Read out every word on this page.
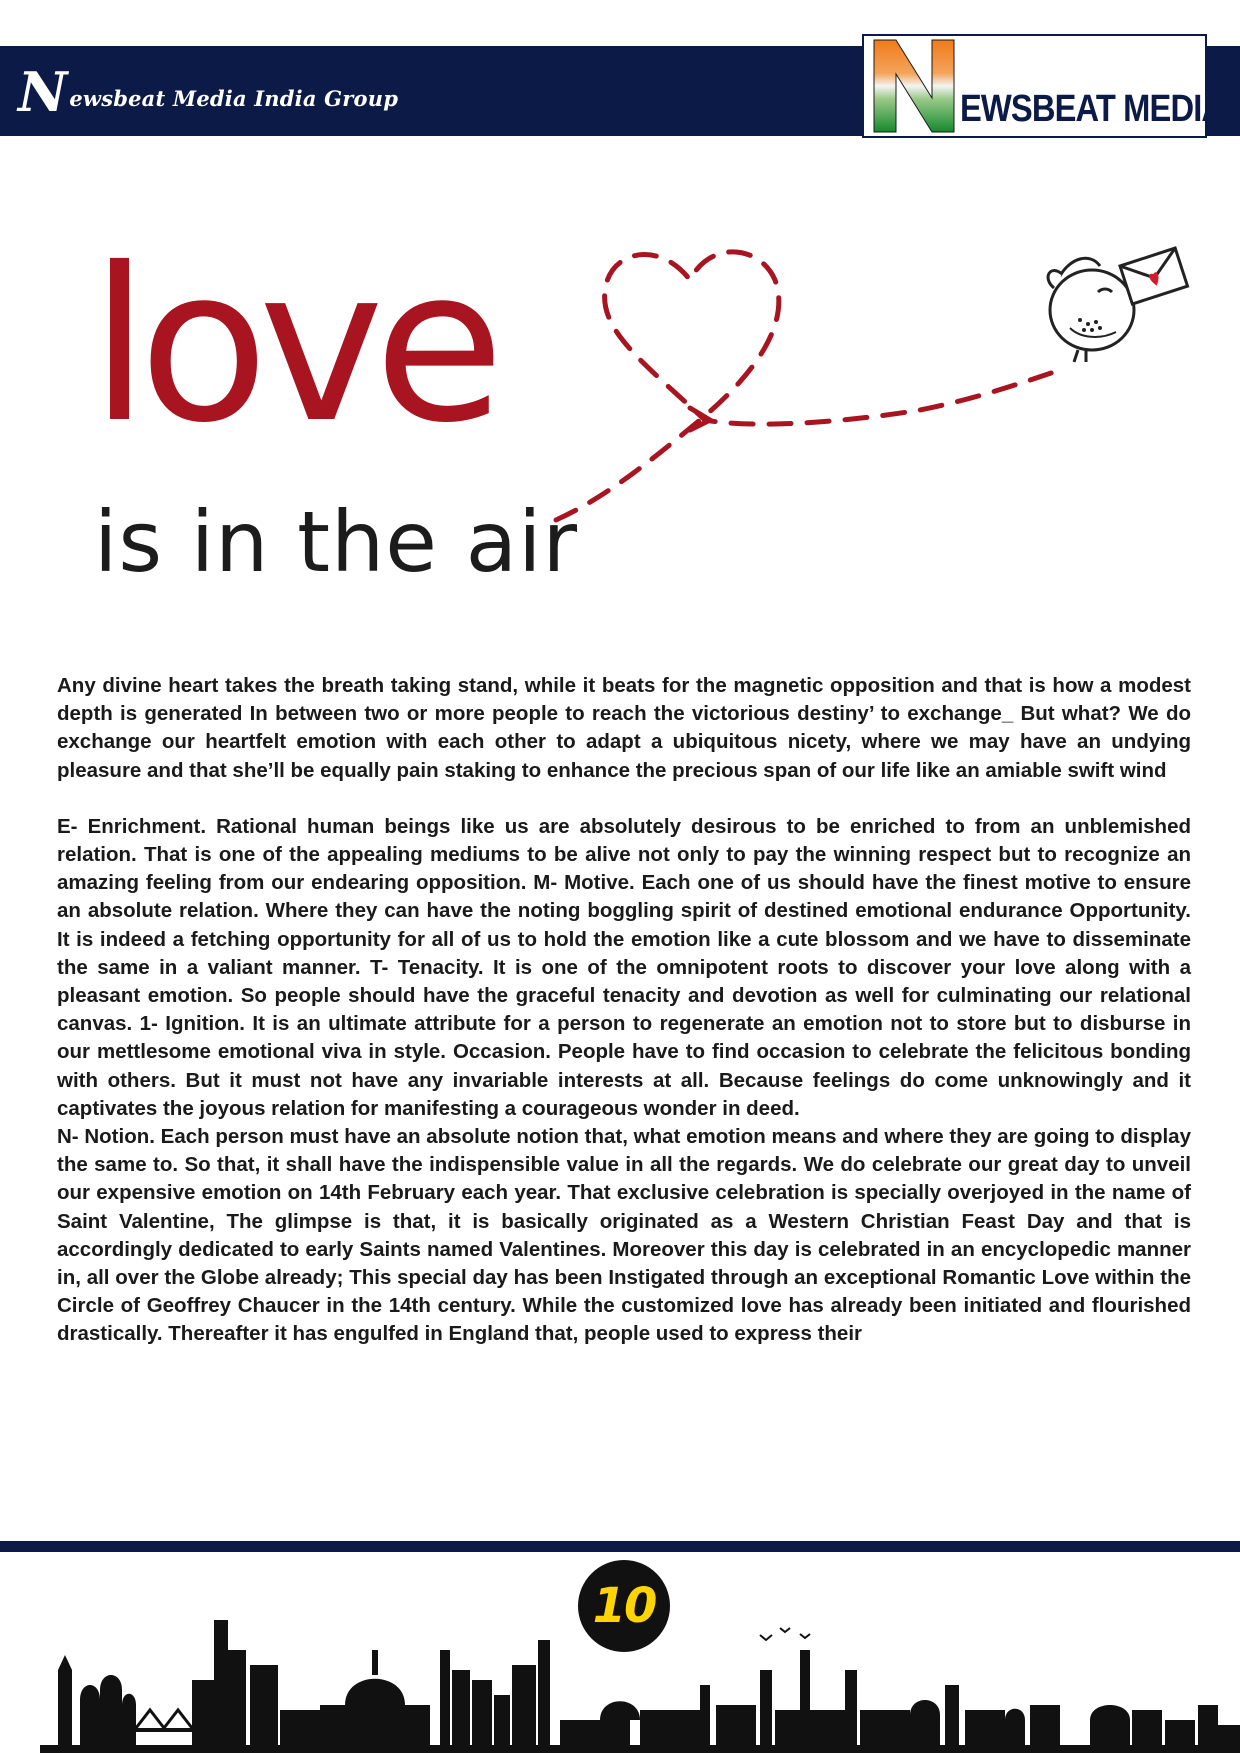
N ewsbeat Media India Group	EWSBEAT MEDIA
love
is in the air

Any divine heart takes the breath taking stand, while it beats for the magnetic opposition and that is how a modest depth is generated In between two or more people to reach the victorious destiny’ to exchange_ But what? We do exchange our heartfelt emotion with each other to adapt a ubiquitous nicety, where we may have an undying pleasure and that she’ll be equally pain staking to enhance the precious span of our life like an amiable swift wind

E- Enrichment. Rational human beings like us are absolutely desirous to be enriched to from an unblemished relation. That is one of the appealing mediums to be alive not only to pay the winning respect but to recognize an amazing feeling from our endearing opposition. M- Motive. Each one of us should have the finest motive to ensure an absolute relation. Where they can have the noting boggling spirit of destined emotional endurance Opportunity. It is indeed a fetching opportunity for all of us to hold the emotion like a cute blossom and we have to disseminate the same in a valiant manner. T- Tenacity. It is one of the omnipotent roots to discover your love along with a pleasant emotion. So people should have the graceful tenacity and devotion as well for culminating our relational canvas. 1- Ignition. It is an ultimate attribute for a person to regenerate an emotion not to store but to disburse in our mettlesome emotional viva in style. Occasion. People have to find occasion to celebrate the felicitous bonding with others. But it must not have any invariable interests at all. Because feelings do come unknowingly and it captivates the joyous relation for manifesting a courageous wonder in deed.

N- Notion. Each person must have an absolute notion that, what emotion means and where they are going to display the same to. So that, it shall have the indispensible value in all the regards. We do celebrate our great day to unveil our expensive emotion on 14th February each year. That exclusive celebration is specially overjoyed in the name of Saint Valentine, The glimpse is that, it is basically originated as a Western Christian Feast Day and that is accordingly dedicated to early Saints named Valentines. Moreover this day is celebrated in an encyclopedic manner in, all over the Globe already; This special day has been Instigated through an exceptional Romantic Love within the Circle of Geoffrey Chaucer in the 14th century. While the customized love has already been initiated and flourished drastically. Thereafter it has engulfed in England that, people used to express their

10
